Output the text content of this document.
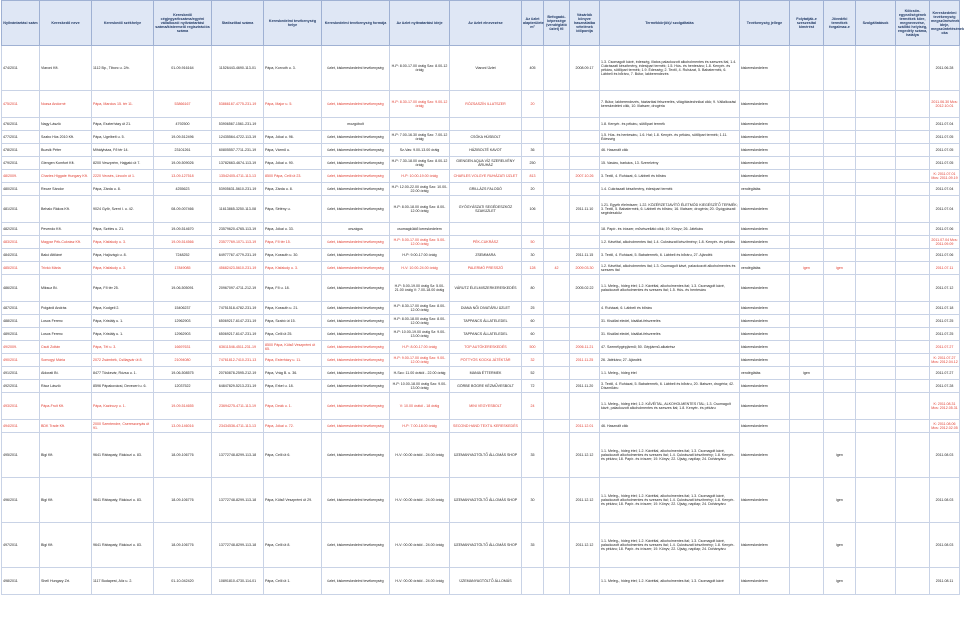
Nyilvántartási szám	Kereskedő neve	Kereskedő székhelye	Kereskedő cégjegyzékszáma/egyéni vállalkozói nyilvántartási száma/kistermelő regisztrációs száma	Statisztikai száma	Kereskedelmi tevékenység helye	Kereskedelmi tevékenység formája	Az üzlet nyitvatartási ideje	Az üzlet elnevezése	Az üzlet alapterülete m²	Befogadó-képessége (vendéglátó üzlet) fő	Vásárlók könyve használatba vételének időpontja	Termékkör(ök)/ szolgáltatás	Tevékenység jellege	Folytatják-e szeszesital kimérést	Jövedéki termékek forgalmaz-e	Szolgáltatások	Kölcsön-egyezőségének termékek köre, megnevezése, szállító helyiség, engedély száma, hatálya	Kereskedelmi tevékenység megszűnésének ideje, megszüntetésének oka
474/2011	Viaroni Kft.	1112 Bp., Tiborc u. 2/b.	01-09-916164	11526443-4690-113-01	Pápa, Korvuth u. 3.	üzlet, kiskereskedelmi tevékenység	H-P: 8.00-17.00 óráig Szo: 8.00-12 óráig	Viaroni Üzlet	405		2008.09.17	1.3. Csomagolt kávé, édesség, illatos palackozott alkoholmentes és szeszes ital, 1.4. Cukrászati készítmény, édesipari termék; 1.5. Hús- és hentesáru; 1.8. Kenyér- és pékáru, sütőipari termék; 1.9. Édesség; 2. Textil, 4. Ruházat, 5. Babatermék, 6. Lábbeli és bőráru, 7. Bútor, lakberendezés	kiskereskedelem					2011.06.28
475/2011	Nozsa Andorné	Pápa, Marcius 15. tér 11.	53866167	53866167-4775-231-19	Pápa, Major u. 5.	üzlet, kiskereskedelmi tevékenység	H-P: 8.30-17.00 óráig Szo: 9.00-12 óráig	RÓZSASZÍN ILLATSZER	20			7. Bútor, lakberendezés, háztartási felszerelés, világítástechnikai cikk; 9. Vállalkozási kereskedelmi cikk, 10. Illatszer, drogéria	kiskereskedelem					2011.06.30 Mcs: 2012.10.01
476/2011	Nagy László	Pápa, Eszterházy út 21.	4792500	53906567-1561-231-19		mozgóbolt						1.8. Kenyér- és pékáru, sütőipari termék	kiskereskedelem					2011.07.04
477/2011	Szabo Hús 2010 Kft.	Pápa, Ugelbelt u. 5.	19-09-512496	12435564-4722-113-19	Pápa, Jókai u. 96.	üzlet, kiskereskedelmi tevékenység	H-P: 7.00-16.30 óráig Szo: 7.00-12 óráig	CSÓKA HÚSBOLT				1.5. Hús- és hentesáru, 1.6. Hal; 1.8. Kenyér- és pékáru, sütőipari termék; 1.11. Édesség	kiskereskedelem					2011.07.05
478/2011	Buzsik Péter	Mihályháza, Fő tér 14.	23101261	60805557-7711-231-19	Pápa, Vármű u.	üzlet, kiskereskedelmi tevékenység	Sz-Vas: 9.00-13.00 óráig	HÁZIBOLTÉ KAVOT	36			46. Használt cikk	kiskereskedelem					2011.07.05
479/2011	Giengen Komfort Kft.	8200 Veszprém, Hajgató út 7.	19-09-509026	13782663-4674-113-19	Pápa, Jókai u. 90.	üzlet, kiskereskedelmi tevékenység	H-P: 7.30-18.00 óráig Szo: 8.00-12 óráig	GIENGEN AQUA VÍZ SZERELVÉNY ÁRUHÁZ	250			15. Vasáru, barkács, 13. Szerelvény	kiskereskedelem					2011.07.05
48/2009.	Charles Higgate Hungary Kft.	2220 Vecsés, Lincoln út 1.	13-09-127518	13542405-4711-113-13	8500 Pápa, Celli út 23.	üzlet, kiskereskedelmi tevékenység	H-P: 10.00-19.00 óráig	CHARLES VOLGYE RUHÁZATI ÜZLET	813		2007.10.26	3. Textil, 4. Ruházat, 6. Lábbeli és bőráru	kiskereskedelem					K: 2011.07.01 Mcs: 2011.09.19
480/2011	Recze Sándor	Pápa, Zárda u. 8.	4255623	53905631-5610-231-19	Pápa, Zárda u. 8.	üzlet, kiskereskedelmi tevékenység	H-P: 12.00-22.00 óráig Szo: 10.00-22.00 óráig	GRILLÁZS FALODÓ	20			1.4. Cukrászati készítmény, édesipari termék	vendéglátás					2011.07.04
481/2011	Behalo Rákos Kft.	9024 Győr, Szent I. u. 42.	08-09-007466	11613865-3250-113-08	Pápa, Sétény u.	üzlet, kiskereskedelmi tevékenység	H-P: 8.00-18.00 óráig Szo: 8.00-12.00 óráig	GYÓGYÁSZATI SEGÉDESZKÖZ SZAKÜZLET	106		2011.11.10	1.21. Egyéb élelmiszer; 1.22. KÖZÉRZETJAVÍTÓ ÉLETMÓD KIEGÉSZÍTŐ TERMÉK; 3. Textil, 5. Babatermék, 6. Lábbeli és bőráru; 16. Illatszer, drogéria; 20. Gyógyászati segédeszköz	kiskereskedelem					2011.07.04
482/2011	Pevendo Kft.	Pápa, Széles u. 21.	19-09-514670	23579620-4765-113-19	Pápa, Jókai u. 33.	országos	csomagküldő kereskedelem					18. Papír- és írószer, művészellátó cikk; 19. Könyv; 26. Játékáru	kiskereskedelem					2011.07.06
483/2011	Magyar Pék-Cukrász Kft.	Pápa, Kisfaludy u. 3.	19-09-514566	23577769-1071-113-19	Pápa, Fő tér 15.	üzlet, kiskereskedelmi tevékenység	H-P: 5.00-17.00 óráig Szo: 5.00-12.00 óráig	PÉK-CUKRÁSZ	50			1.2. Kávéital, alkoholmentes ital; 1.4. Cukrászati készítmény; 1.8. Kenyér- és pékáru	kiskereskedelem					2011.07.04 Mcs: 2011.09.09
484/2011	Bakó Attiláné	Pápa, Hajóvágó u. 8.	7248252	64977767-4779-231-19	Pápa, Kossuth u. 30.	üzlet, kiskereskedelmi tevékenység	H-P: 9.00-17.00 óráig	ZSEMMARA	30		2011.11.15	3. Textil, 4. Ruházat, 5. Babatermék, 6. Lábbeli és bőráru, 27. Ajándék	kiskereskedelem					2011.07.06
485/2011	Trivkó Mária	Pápa, Kisfaludy u. 3.	17849085	45682423-5610-231-19	Pápa, Kisfaludy u. 3.	üzlet, kiskereskedelmi tevékenység	H-V: 10.00-24.00 óráig	PALERMÓ PRESSZÓ	128	42	2009.03.30	1.2. Kávéital, alkoholmentes ital; 1.3. Csomagolt kávé, palackozott alkoholmentes és szeszes ital	vendéglátás	igen	igen			2011.07.11
486/2011	Miksuz Bt.	Pápa, Fő tér 25.	19-06-505091	20967097-4711-212-19	Pápa, Fő u. 18.	üzlet, kiskereskedelmi tevékenység	H-P: 5.00-19.00 óráig Sz: 5.00-21.00 óráig V: 7.00-18.00 óráig	VÁRUTZ ÉLELMISZERKERESKEDÉS	80		2005.02.22	1.1. Meleg-, hideg étel; 1.2. Kávéital, alkoholmentes ital; 1.3. Csomagolt kávé, palackozott alkoholmentes és szeszes ital; 1.5. Hús- és hentesáru	kiskereskedelem					2011.07.12
487/2011	Polgárdi András	Pápa, Kodgeli 2.	15406237	74751518-4782-231-19	Pápa, Kossuth u. 21.	üzlet, kiskereskedelmi tevékenység	H-P: 8.30-17.00 óráig Szo: 8.00-12.00 óráig	DIANA NŐI DIVATÁRU ÜZLET	25			4. Ruházat, 6. Lábbeli és bőráru	kiskereskedelem					2011.07.18
488/2011	Losos Ferenc	Pápa, Kristály u. 1.	12962903	65069217-6147-231-19	Pápa, Szabó út 15.	üzlet, kiskereskedelmi tevékenység	H-P: 8.00-18.00 óráig Szo: 8.00-12.00 óráig	TAPPANCS ÁLLATELEDEL	60			31. Kisállat eledel, kisállat-felszerelés	kiskereskedelem					2011.07.25
489/2011	Losos Ferenc	Pápa, Kristály u. 1.	12962903	65069217-6147-231-19	Pápa, Celli út 25.	üzlet, kiskereskedelmi tevékenység	H-P: 10.00-19.00 óráig Sz: 9.00-13.00 óráig	TAPPANCS ÁLLATELEDEL	60			31. Kisállat eledel, kisállat-felszerelés	kiskereskedelem					2011.07.25
49/2009.	Csuti Zoltán	Pápa, Tél u. 3.	16697631	63611546-4511-231-19	8500 Pápa, Külső Veszprémi út 65.	üzlet, kiskereskedelmi tevékenység	H-P: 8.00-17.00 óráig	TOP AUTÓKERESKEDÉS	500		2006.11.21	47. Személygépjármű; 50. Gépjármű-alkatrész	kiskereskedelem					2011.07.27
490/2011	Somogyi Mária	2072 Zsámbék, Csillagvár út 8.	21094080	74761812-7410-231-13	Pápa, Esterházy u. 11.	üzlet, kiskereskedelmi tevékenység	H-P: 9.00-17.00 óráig Szo: 9.00-12.00 óráig	PÖTTYÖS KOCKA JÁTÉKTÁR	32		2011.11.25	26. Játékáru; 27. Ajándék	kiskereskedelem					K: 2011.07.27 Mcs: 2012.04.12
491/2011	Aldorati Bt.	8477 Tüskevár, Rózsa u. 1.	19-06-508575	20760878-2595-212-19	Pápa, Vrág B. u. 36.	üzlet, kiskereskedelmi tevékenység	H-Szo: 11.00 órától - 22.00 óráig	MANIA ÉTTERMEK	52			1.1. Meleg-, hideg étel	vendéglátás	igen				2011.07.27
492/2011	Rácz László	8596 Pápakovácsi, Deveceri u. 6.	12037522	64847829-5213-231-19	Pápa, Erkel u. 18.	üzlet, kiskereskedelmi tevékenység	H-P: 10.00-18.00 óráig Szo: 9.00-13.00 óráig	GÖRBE BÖGRE KÉZMŰVESBOLT	72		2011.11.20	3. Textil, 4. Ruházat, 5. Babatermék, 6. Lábbeli és bőráru, 20. Illatszer, drogéria; 42. Díszműáru	kiskereskedelem					2011.07.28
493/2011	Pápa-Fruit Kft.	Pápa, Kazinczy u. 1.	19-09-514655	23694275-4711-113-19	Pápa, Deák u. 1.	üzlet, kiskereskedelmi tevékenység	V: 10.00 órától - 18 óráig	MINI VEGYESBOLT	24			1.1. Meleg-, hideg étel; 1.2. KÁVÉITAL, ALKOHOLMENTES ITAL; 1.3. Csomagolt kávé, palackozott alkoholmentes és szeszes ital; 1.8. Kenyér- és pékáru	kiskereskedelem					K: 2011.08.31 Mcs: 2012.05.31
494/2011	BDK Trade Kft.	2000 Szentendre, Csereszonyás út 91.	13-09-146016	23434536-4711-113-13	Pápa, Jókai u. 72.	üzlet, kiskereskedelmi tevékenység	H-P: 7.00-18.00 óráig	SECOND HAND TEXTIL KERESKEDÉS			2011.12.01	46. Használt cikk	kiskereskedelem					K: 2011.08.06 Mcs: 2012.02.05
495/2011	Bigi Kft.	9641 Rábapaty, Rákóczi u. 83.	18-09-106776	13772748-8299-113-18	Pápa, Celli út 6.	üzlet, kiskereskedelmi tevékenység	H-V: 00.00 órától - 24.00 óráig	ÜZEMANYAGTÖLTŐ ÁLLOMÁS SHOP	35		2011.12.12	1.1. Meleg-, hideg étel; 1.2. Kávéital, alkoholmentes ital; 1.3. Csomagolt kávé, palackozott alkoholmentes és szeszes ital; 1.4. Cukrászati készítmény; 1.8. Kenyér- és pékáru; 18. Papír- és írószer; 19. Könyv; 22. Újság, napilap; 24. Dohányáru	kiskereskedelem		igen			2011.08.03
496/2011	Bigi Kft.	9641 Rábapaty, Rákóczi u. 83.	18-09-106776	13772748-8299-113-18	Pápa, Külső Veszprémi út 29.	üzlet, kiskereskedelmi tevékenység	H-V: 00.00 órától - 24.00 óráig	ÜZEMANYAGTÖLTŐ ÁLLOMÁS SHOP	30		2011.12.12	1.1. Meleg-, hideg étel; 1.2. Kávéital, alkoholmentes ital; 1.3. Csomagolt kávé, palackozott alkoholmentes és szeszes ital; 1.4. Cukrászati készítmény; 1.8. Kenyér- és pékáru; 18. Papír- és írószer; 19. Könyv; 22. Újság, napilap; 24. Dohányáru	kiskereskedelem		igen			2011.08.03
497/2011	Bigi Kft.	9641 Rábapaty, Rákóczi u. 83.	18-09-106776	13772748-8299-113-18	Pápa, Celli út 8.	üzlet, kiskereskedelmi tevékenység	H-V: 00.00 órától - 24.00 óráig	ÜZEMANYAGTÖLTŐ ÁLLOMÁS SHOP	35		2011.12.12	1.1. Meleg-, hideg étel; 1.2. Kávéital, alkoholmentes ital; 1.3. Csomagolt kávé, palackozott alkoholmentes és szeszes ital; 1.4. Cukrászati készítmény; 1.8. Kenyér- és pékáru; 18. Papír- és írószer; 19. Könyv; 22. Újság, napilap; 24. Dohányáru	kiskereskedelem		igen			2011.08.03
498/2011	Shell Hungary Zrt.	1117 Budapest, Alíz u. 2.	01-10-042420	10891810-4730-114-01	Pápa, Celli út 1.	üzlet, kiskereskedelmi tevékenység	H-V: 00.00 órától - 24.00 óráig	ÜZEMANYAGTÖLTŐ ÁLLOMÁS				1.1. Meleg-, hideg étel; 1.2. Kávéital, alkoholmentes ital; 1.3. Csomagolt kávé	kiskereskedelem		igen			2011.08.11
